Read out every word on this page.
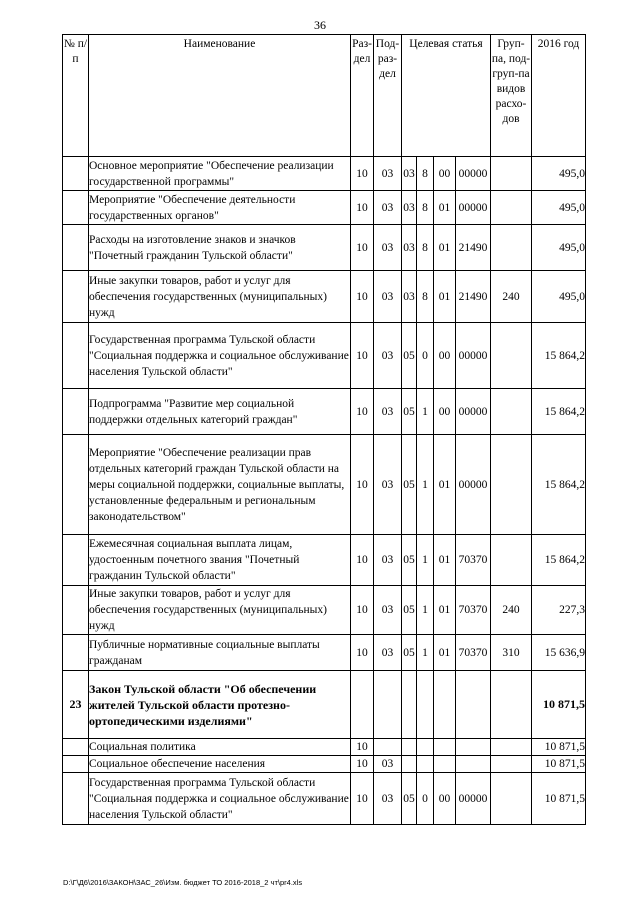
36
№ п/п	Наименование	Раз-дел	Под-раз-дел	Целевая статья				Груп-па, под-груп-па видов расхо-дов	2016 год
	Основное мероприятие "Обеспечение реализации государственной программы"	10	03	03	8	00	00000		495,0
	Мероприятие "Обеспечение деятельности государственных органов"	10	03	03	8	01	00000		495,0
	Расходы на изготовление знаков и значков "Почетный гражданин Тульской области"	10	03	03	8	01	21490		495,0
	Иные закупки товаров, работ и услуг для обеспечения государственных (муниципальных) нужд	10	03	03	8	01	21490	240	495,0
	Государственная программа Тульской области "Социальная поддержка и социальное обслуживание населения Тульской области"	10	03	05	0	00	00000		15 864,2
	Подпрограмма "Развитие мер социальной поддержки отдельных категорий граждан"	10	03	05	1	00	00000		15 864,2
	Мероприятие "Обеспечение реализации прав отдельных категорий граждан Тульской области на меры социальной поддержки, социальные выплаты, установленные федеральным и региональным законодательством"	10	03	05	1	01	00000		15 864,2
	Ежемесячная социальная выплата лицам, удостоенным почетного звания "Почетный гражданин Тульской области"	10	03	05	1	01	70370		15 864,2
	Иные закупки товаров, работ и услуг для обеспечения государственных (муниципальных) нужд	10	03	05	1	01	70370	240	227,3
	Публичные нормативные социальные выплаты гражданам	10	03	05	1	01	70370	310	15 636,9
23	Закон Тульской области "Об обеспечении жителей Тульской области протезно-ортопедическими изделиями"								10 871,5
	Социальная политика	10							10 871,5
	Социальное обеспечение населения	10	03						10 871,5
	Государственная программа Тульской области "Социальная поддержка и социальное обслуживание населения Тульской области"	10	03	05	0	00	00000		10 871,5
D:\Г\Д6\2016\ЗАКОН\ЗАС_26\Изм. бюджет ТО 2016-2018_2 чт\pr4.xls
